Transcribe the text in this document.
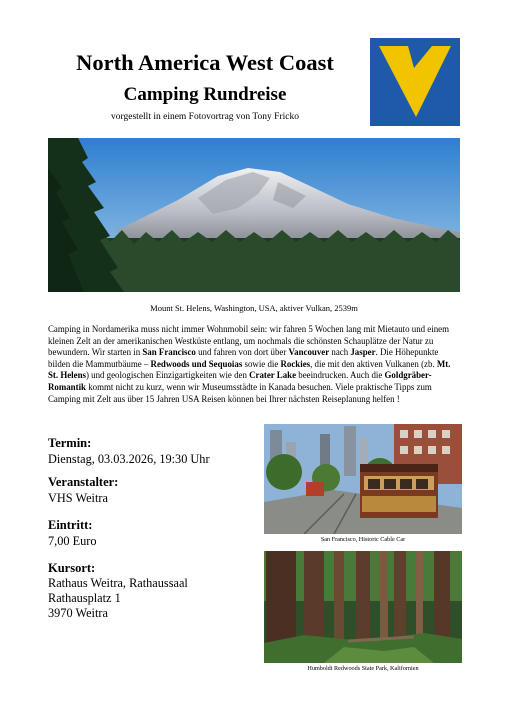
North America West Coast
Camping Rundreise
vorgestellt in einem Fotovortrag von Tony Fricko
Mount St. Helens, Washington, USA, aktiver Vulkan, 2539m
Camping in Nordamerika muss nicht immer Wohnmobil sein: wir fahren 5 Wochen lang mit Mietauto und einem kleinen Zelt an der amerikanischen Westküste entlang, um nochmals die schönsten Schauplätze der Natur zu bewundern. Wir starten in San Francisco und fahren von dort über Vancouver nach Jasper. Die Höhepunkte bilden die Mammutbäume – Redwoods und Sequoias sowie die Rockies, die mit den aktiven Vulkanen (zb. Mt. St. Helens) und geologischen Einzigartigkeiten wie den Crater Lake beeindrucken. Auch die Goldgräber-Romantik kommt nicht zu kurz, wenn wir Museumsstädte in Kanada besuchen. Viele praktische Tipps zum Camping mit Zelt aus über 15 Jahren USA Reisen können bei Ihrer nächsten Reiseplanung helfen !
Termin:
Dienstag, 03.03.2026, 19:30 Uhr
Veranstalter:
VHS Weitra
Eintritt:
7,00 Euro
Kursort:
Rathaus Weitra, Rathaussaal
Rathausplatz 1
3970 Weitra
San Francisco, Historic Cable Car
Humboldt Redwoods State Park, Kalifornien
